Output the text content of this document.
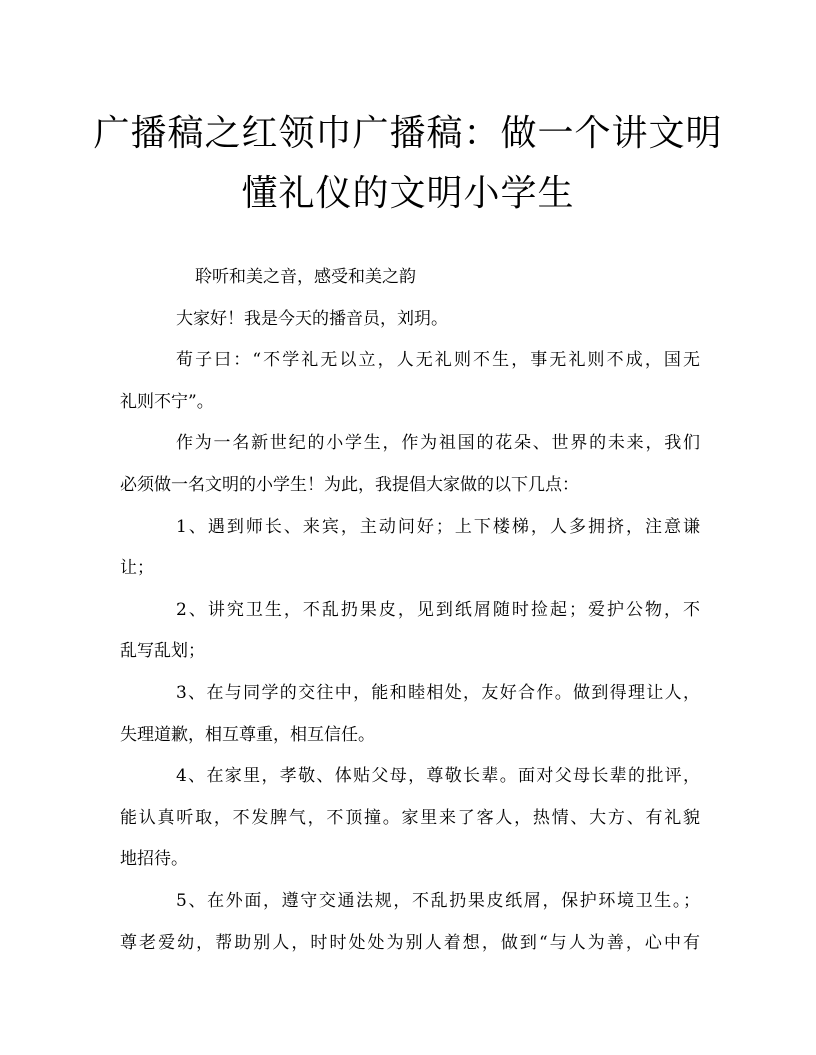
广播稿之红领巾广播稿：做一个讲文明
懂礼仪的文明小学生
聆听和美之音，感受和美之韵
大家好！我是今天的播音员，刘玥。
荀子曰：“不学礼无以立，人无礼则不生，事无礼则不成，国无
礼则不宁”。
作为一名新世纪的小学生，作为祖国的花朵、世界的未来，我们
必须做一名文明的小学生！为此，我提倡大家做的以下几点：
1、遇到师长、来宾，主动问好；上下楼梯，人多拥挤，注意谦
让；
2、讲究卫生，不乱扔果皮，见到纸屑随时捡起；爱护公物，不
乱写乱划；
3、在与同学的交往中，能和睦相处，友好合作。做到得理让人，
失理道歉，相互尊重，相互信任。
4、在家里，孝敬、体贴父母，尊敬长辈。面对父母长辈的批评，
能认真听取，不发脾气，不顶撞。家里来了客人，热情、大方、有礼貌
地招待。
5、在外面，遵守交通法规，不乱扔果皮纸屑，保护环境卫生。；
尊老爱幼，帮助别人，时时处处为别人着想，做到“与人为善，心中有
